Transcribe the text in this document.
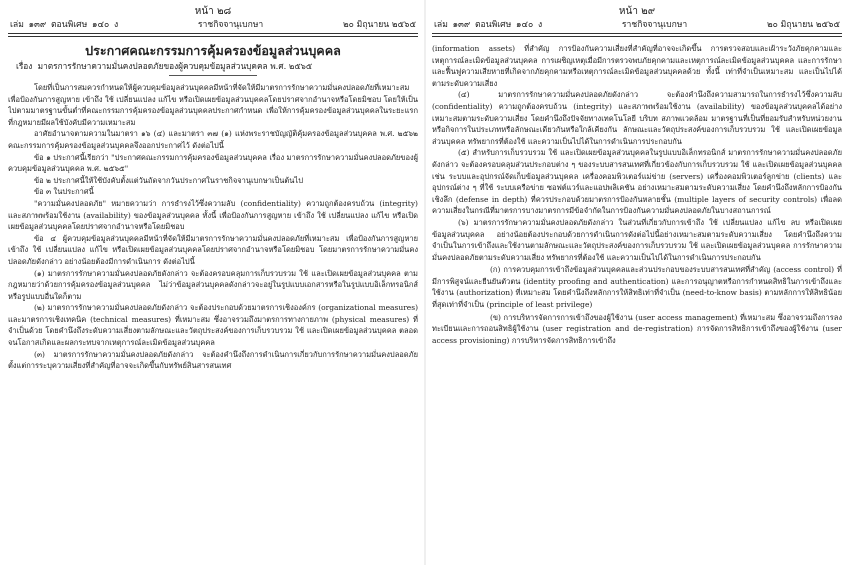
หน้า ๒๘
เล่ม ๑๓๙ ตอนพิเศษ ๑๔๐ ง	ราชกิจจานุเบกษา	๒๐ มิถุนายน ๒๕๖๕
ประกาศคณะกรรมการคุ้มครองข้อมูลส่วนบุคคล
เรื่อง มาตรการรักษาความมั่นคงปลอดภัยของผู้ควบคุมข้อมูลส่วนบุคคล พ.ศ. ๒๕๖๕

โดยที่เป็นการสมควรกำหนดให้ผู้ควบคุมข้อมูลส่วนบุคคลมีหน้าที่จัดให้มีมาตรการรักษาความมั่นคงปลอดภัยที่เหมาะสม เพื่อป้องกันการสูญหาย เข้าถึง ใช้ เปลี่ยนแปลง แก้ไข หรือเปิดเผยข้อมูลส่วนบุคคลโดยปราศจากอำนาจหรือโดยมิชอบ โดยให้เป็นไปตามมาตรฐานขั้นต่ำที่คณะกรรมการคุ้มครองข้อมูลส่วนบุคคลประกาศกำหนด เพื่อให้การคุ้มครองข้อมูลส่วนบุคคลในระยะแรกที่กฎหมายมีผลใช้บังคับมีความเหมาะสม

อาศัยอำนาจตามความในมาตรา ๑๖ (๔) และมาตรา ๓๗ (๑) แห่งพระราชบัญญัติคุ้มครองข้อมูลส่วนบุคคล พ.ศ. ๒๕๖๒ คณะกรรมการคุ้มครองข้อมูลส่วนบุคคลจึงออกประกาศไว้ ดังต่อไปนี้

ข้อ ๑ ประกาศนี้เรียกว่า "ประกาศคณะกรรมการคุ้มครองข้อมูลส่วนบุคคล เรื่อง มาตรการรักษาความมั่นคงปลอดภัยของผู้ควบคุมข้อมูลส่วนบุคคล พ.ศ. ๒๕๖๕"

ข้อ ๒ ประกาศนี้ให้ใช้บังคับตั้งแต่วันถัดจากวันประกาศในราชกิจจานุเบกษาเป็นต้นไป

ข้อ ๓ ในประกาศนี้

"ความมั่นคงปลอดภัย" หมายความว่า การธำรงไว้ซึ่งความลับ (confidentiality) ความถูกต้องครบถ้วน (integrity) และสภาพพร้อมใช้งาน (availability) ของข้อมูลส่วนบุคคล ทั้งนี้ เพื่อป้องกันการสูญหาย เข้าถึง ใช้ เปลี่ยนแปลง แก้ไข หรือเปิดเผยข้อมูลส่วนบุคคลโดยปราศจากอำนาจหรือโดยมิชอบ

ข้อ ๔ ผู้ควบคุมข้อมูลส่วนบุคคลมีหน้าที่จัดให้มีมาตรการรักษาความมั่นคงปลอดภัยที่เหมาะสม เพื่อป้องกันการสูญหาย เข้าถึง ใช้ เปลี่ยนแปลง แก้ไข หรือเปิดเผยข้อมูลส่วนบุคคลโดยปราศจากอำนาจหรือโดยมิชอบ โดยมาตรการรักษาความมั่นคงปลอดภัยดังกล่าว อย่างน้อยต้องมีการดำเนินการ ดังต่อไปนี้

(๑) มาตรการรักษาความมั่นคงปลอดภัยดังกล่าว จะต้องครอบคลุมการเก็บรวบรวม ใช้ และเปิดเผยข้อมูลส่วนบุคคล ตามกฎหมายว่าด้วยการคุ้มครองข้อมูลส่วนบุคคล ไม่ว่าข้อมูลส่วนบุคคลดังกล่าวจะอยู่ในรูปแบบเอกสารหรือในรูปแบบอิเล็กทรอนิกส์ หรือรูปแบบอื่นใดก็ตาม

(๒) มาตรการรักษาความมั่นคงปลอดภัยดังกล่าว จะต้องประกอบด้วยมาตรการเชิงองค์กร (organizational measures) และมาตรการเชิงเทคนิค (technical measures) ที่เหมาะสม ซึ่งอาจรวมถึงมาตรการทางกายภาพ (physical measures) ที่จำเป็นด้วย โดยคำนึงถึงระดับความเสี่ยงตามลักษณะและวัตถุประสงค์ของการเก็บรวบรวม ใช้ และเปิดเผยข้อมูลส่วนบุคคล ตลอดจนโอกาสเกิดและผลกระทบจากเหตุการณ์ละเมิดข้อมูลส่วนบุคคล

(๓) มาตรการรักษาความมั่นคงปลอดภัยดังกล่าว จะต้องคำนึงถึงการดำเนินการเกี่ยวกับการรักษาความมั่นคงปลอดภัย ตั้งแต่การระบุความเสี่ยงที่สำคัญที่อาจจะเกิดขึ้นกับทรัพย์สินสารสนเทศ

หน้า ๒๙
เล่ม ๑๓๙ ตอนพิเศษ ๑๔๐ ง	ราชกิจจานุเบกษา	๒๐ มิถุนายน ๒๕๖๕

(information assets) ที่สำคัญ การป้องกันความเสี่ยงที่สำคัญที่อาจจะเกิดขึ้น การตรวจสอบและเฝ้าระวังภัยคุกคามและเหตุการณ์ละเมิดข้อมูลส่วนบุคคล การเผชิญเหตุเมื่อมีการตรวจพบภัยคุกคามและเหตุการณ์ละเมิดข้อมูลส่วนบุคคล และการรักษาและฟื้นฟูความเสียหายที่เกิดจากภัยคุกคามหรือเหตุการณ์ละเมิดข้อมูลส่วนบุคคลด้วย ทั้งนี้ เท่าที่จำเป็นเหมาะสม และเป็นไปได้ตามระดับความเสี่ยง

(๔) มาตรการรักษาความมั่นคงปลอดภัยดังกล่าว จะต้องคำนึงถึงความสามารถในการธำรงไว้ซึ่งความลับ (confidentiality) ความถูกต้องครบถ้วน (integrity) และสภาพพร้อมใช้งาน (availability) ของข้อมูลส่วนบุคคลได้อย่างเหมาะสมตามระดับความเสี่ยง โดยคำนึงถึงปัจจัยทางเทคโนโลยี บริบท สภาพแวดล้อม มาตรฐานที่เป็นที่ยอมรับสำหรับหน่วยงานหรือกิจการในประเภทหรือลักษณะเดียวกันหรือใกล้เคียงกัน ลักษณะและวัตถุประสงค์ของการเก็บรวบรวม ใช้ และเปิดเผยข้อมูลส่วนบุคคล ทรัพยากรที่ต้องใช้ และความเป็นไปได้ในการดำเนินการประกอบกัน

(๕) สำหรับการเก็บรวบรวม ใช้ และเปิดเผยข้อมูลส่วนบุคคลในรูปแบบอิเล็กทรอนิกส์ มาตรการรักษาความมั่นคงปลอดภัยดังกล่าว จะต้องครอบคลุมส่วนประกอบต่าง ๆ ของระบบสารสนเทศที่เกี่ยวข้องกับการเก็บรวบรวม ใช้ และเปิดเผยข้อมูลส่วนบุคคล เช่น ระบบและอุปกรณ์จัดเก็บข้อมูลส่วนบุคคล เครื่องคอมพิวเตอร์แม่ข่าย (servers) เครื่องคอมพิวเตอร์ลูกข่าย (clients) และอุปกรณ์ต่าง ๆ ที่ใช้ ระบบเครือข่าย ซอฟต์แวร์และแอปพลิเคชัน อย่างเหมาะสมตามระดับความเสี่ยง โดยคำนึงถึงหลักการป้องกันเชิงลึก (defense in depth) ที่ควรประกอบด้วยมาตรการป้องกันหลายชั้น (multiple layers of security controls) เพื่อลดความเสี่ยงในกรณีที่มาตรการบางมาตรการมีข้อจำกัดในการป้องกันความมั่นคงปลอดภัยในบางสถานการณ์

(๖) มาตรการรักษาความมั่นคงปลอดภัยดังกล่าว ในส่วนที่เกี่ยวกับการเข้าถึง ใช้ เปลี่ยนแปลง แก้ไข ลบ หรือเปิดเผยข้อมูลส่วนบุคคล อย่างน้อยต้องประกอบด้วยการดำเนินการดังต่อไปนี้อย่างเหมาะสมตามระดับความเสี่ยง โดยคำนึงถึงความจำเป็นในการเข้าถึงและใช้งานตามลักษณะและวัตถุประสงค์ของการเก็บรวบรวม ใช้ และเปิดเผยข้อมูลส่วนบุคคล การรักษาความมั่นคงปลอดภัยตามระดับความเสี่ยง ทรัพยากรที่ต้องใช้ และความเป็นไปได้ในการดำเนินการประกอบกัน

(ก) การควบคุมการเข้าถึงข้อมูลส่วนบุคคลและส่วนประกอบของระบบสารสนเทศที่สำคัญ (access control) ที่มีการพิสูจน์และยืนยันตัวตน (identity proofing and authentication) และการอนุญาตหรือการกำหนดสิทธิในการเข้าถึงและใช้งาน (authorization) ที่เหมาะสม โดยคำนึงถึงหลักการให้สิทธิเท่าที่จำเป็น (need-to-know basis) ตามหลักการให้สิทธิน้อยที่สุดเท่าที่จำเป็น (principle of least privilege)

(ข) การบริหารจัดการการเข้าถึงของผู้ใช้งาน (user access management) ที่เหมาะสม ซึ่งอาจรวมถึงการลงทะเบียนและการถอนสิทธิผู้ใช้งาน (user registration and de-registration) การจัดการสิทธิการเข้าถึงของผู้ใช้งาน (user access provisioning) การบริหารจัดการสิทธิการเข้าถึง
